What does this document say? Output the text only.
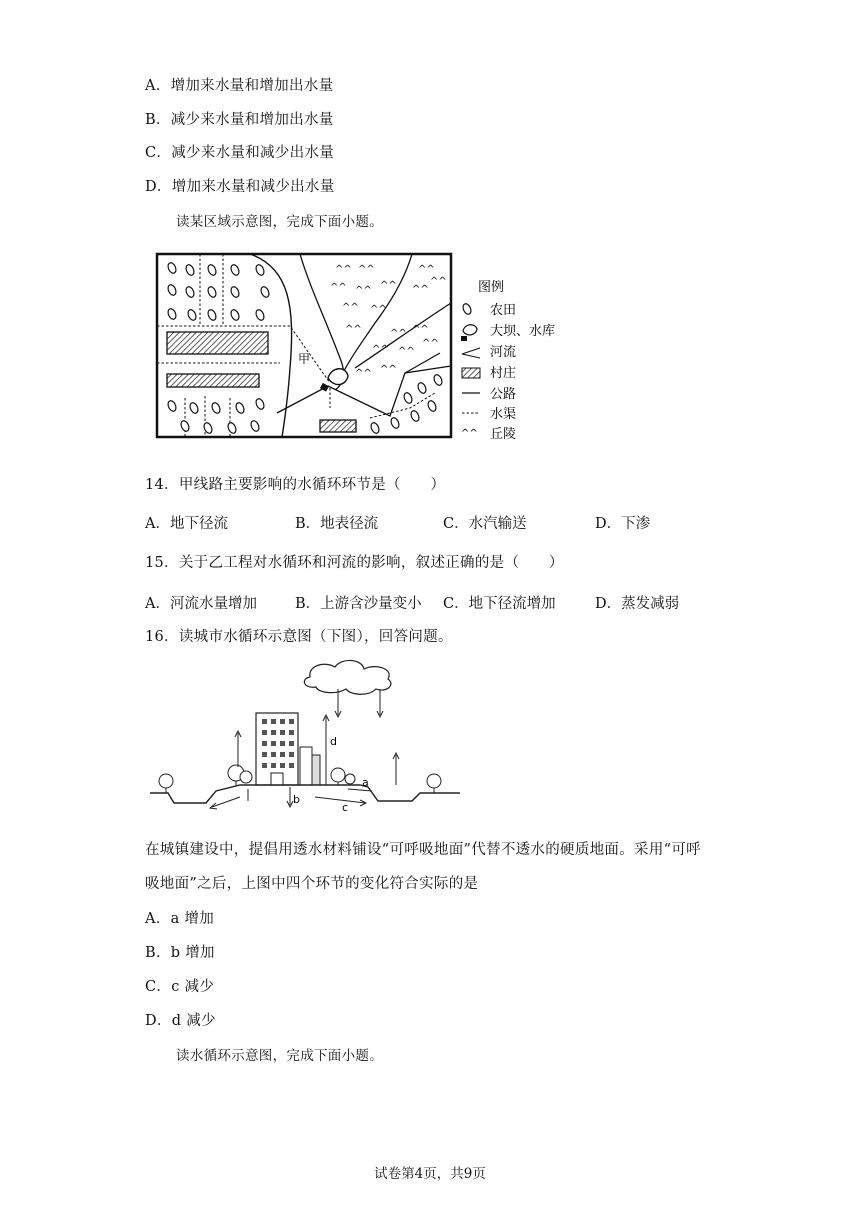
A．增加来水量和增加出水量
B．减少来水量和增加出水量
C．减少来水量和减少出水量
D．增加来水量和减少出水量
读某区域示意图，完成下面小题。
甲
^^ ^^
^^ ^^ ^^
^^ ^^
^^
^^
^^
^^
^^ ^^
^^ ^^
^^
^^ ^^
图例
农田
大坝、水库
河流
村庄
公路
水渠
^^ 丘陵
14．甲线路主要影响的水循环环节是（　　）
A．地下径流	B．地表径流	C．水汽输送	D．下渗
15．关于乙工程对水循环和河流的影响，叙述正确的是（　　）
A．河流水量增加	B．上游含沙量变小 C．地下径流增加	D．蒸发减弱
16．读城市水循环示意图（下图），回答问题。
d
b
c
a
在城镇建设中，提倡用透水材料铺设“可呼吸地面”代替不透水的硬质地面。采用“可呼
吸地面”之后，上图中四个环节的变化符合实际的是
A．a 增加
B．b 增加
C．c 减少
D．d 减少
读水循环示意图，完成下面小题。
试卷第4页，共9页
